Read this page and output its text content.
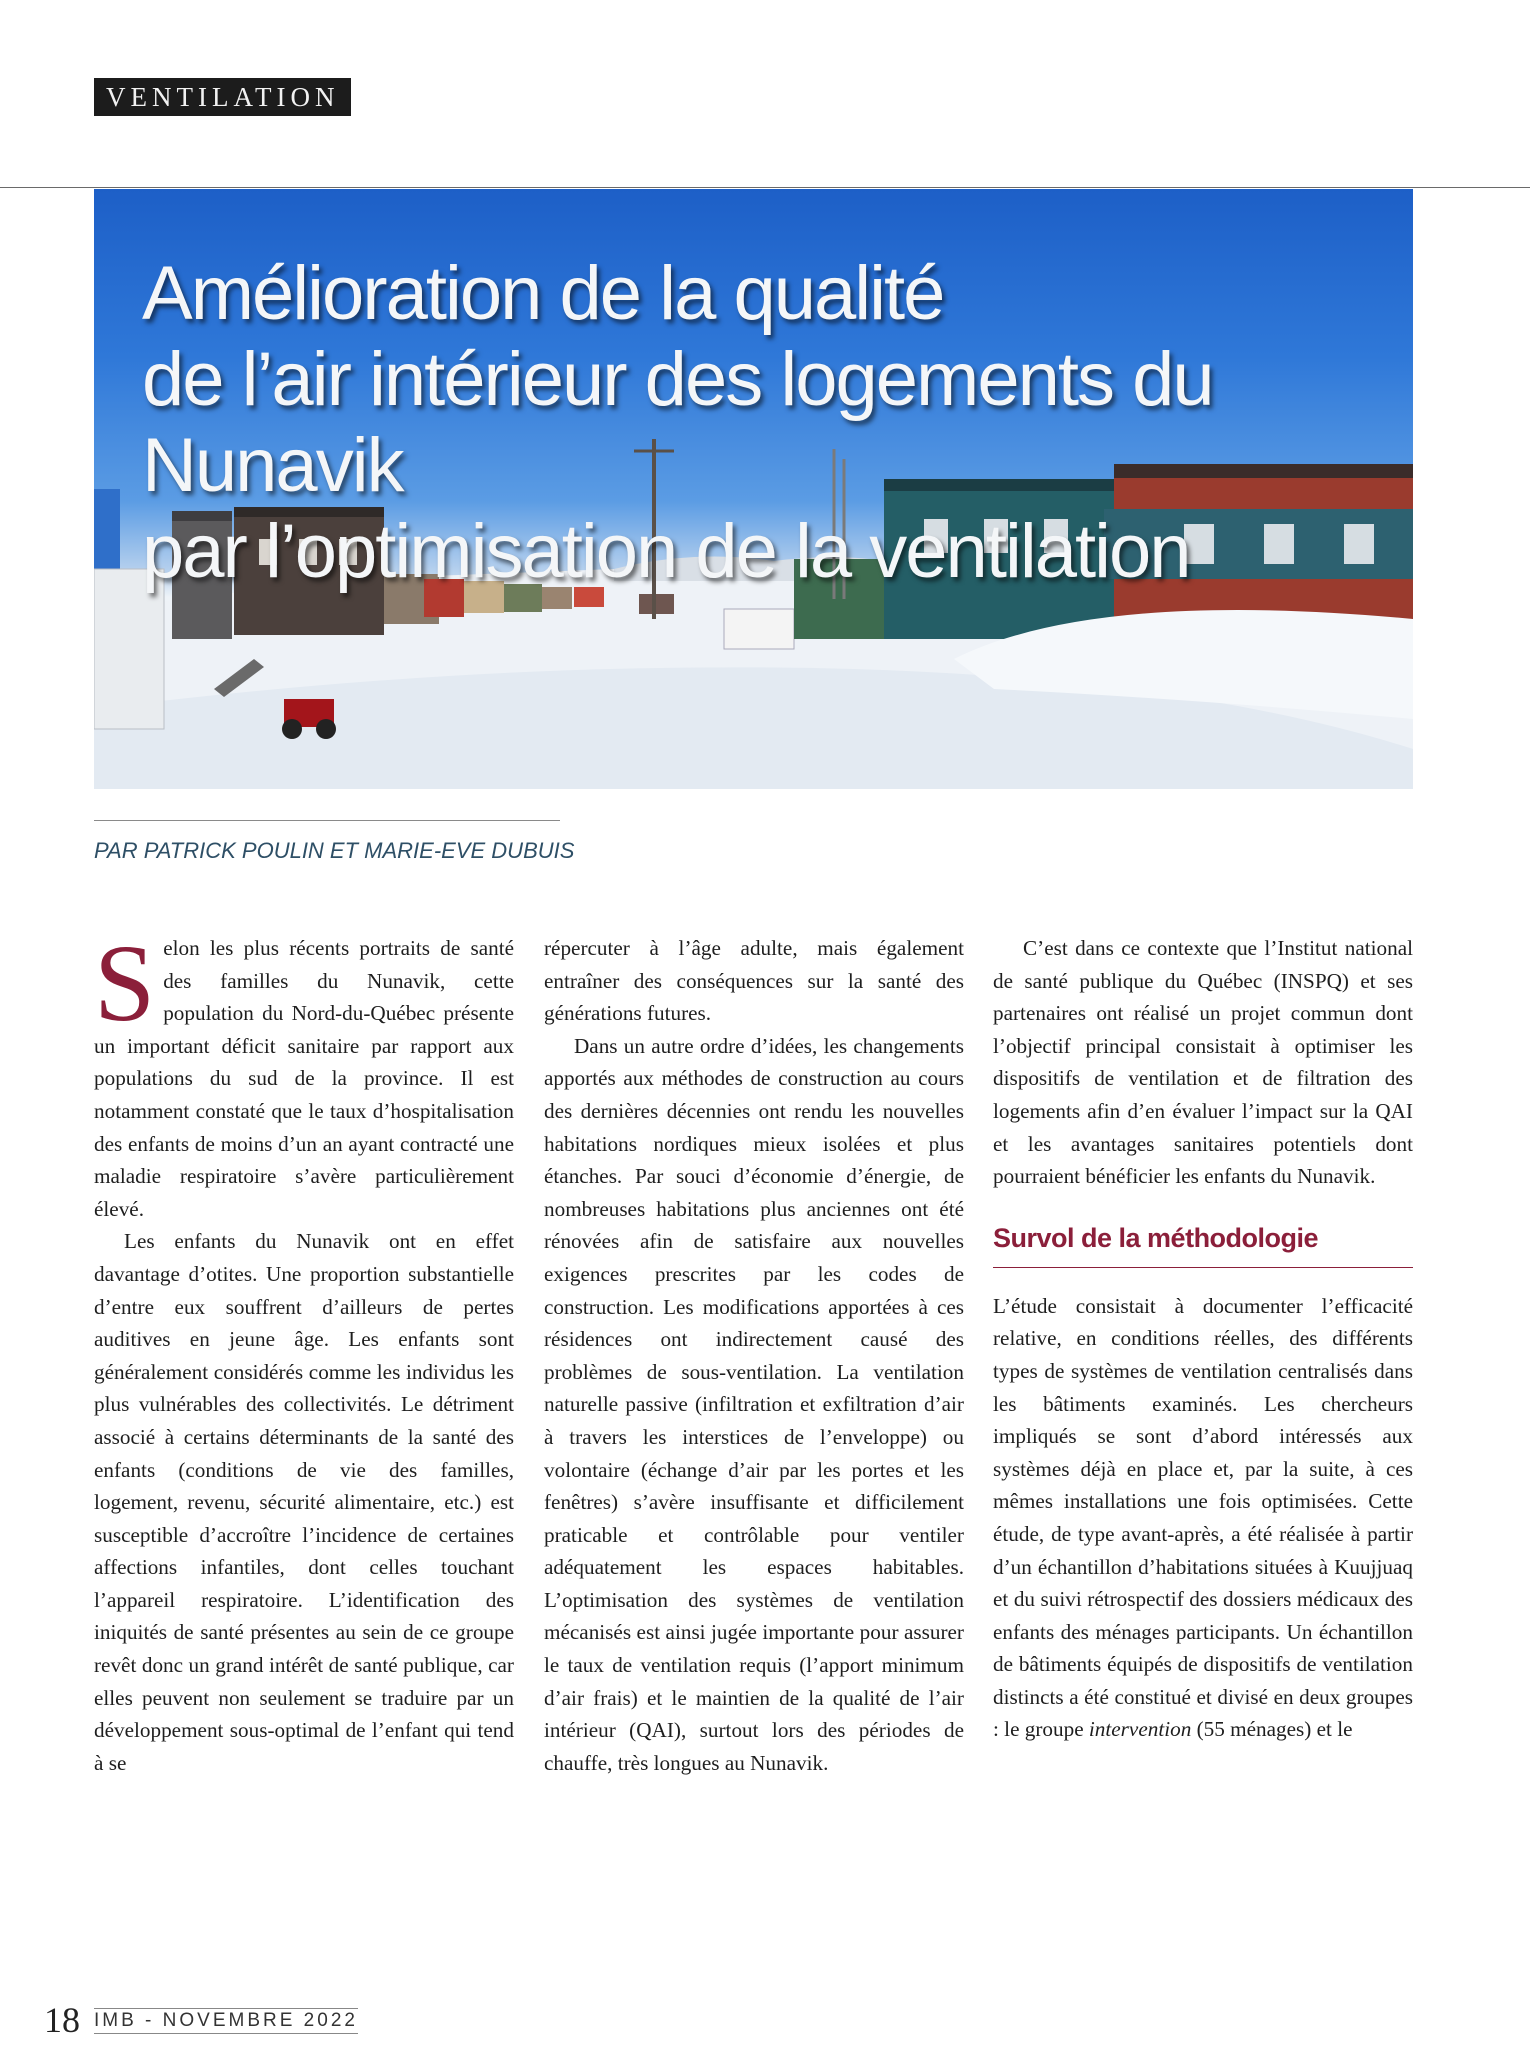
VENTILATION
Amélioration de la qualité
de l’air intérieur des logements du Nunavik
par l’optimisation de la ventilation
PAR PATRICK POULIN ET MARIE-EVE DUBUIS

Selon les plus récents portraits de santé des familles du Nunavik, cette population du Nord-du-Québec présente un important déficit sanitaire par rapport aux populations du sud de la province. Il est notamment constaté que le taux d’hospitalisation des enfants de moins d’un an ayant contracté une maladie respiratoire s’avère particulièrement élevé.

Les enfants du Nunavik ont en effet davantage d’otites. Une proportion substantielle d’entre eux souffrent d’ailleurs de pertes auditives en jeune âge. Les enfants sont généralement considérés comme les individus les plus vulnérables des collectivités. Le détriment associé à certains déterminants de la santé des enfants (conditions de vie des familles, logement, revenu, sécurité alimentaire, etc.) est susceptible d’accroître l’incidence de certaines affections infantiles, dont celles touchant l’appareil respiratoire. L’identification des iniquités de santé présentes au sein de ce groupe revêt donc un grand intérêt de santé publique, car elles peuvent non seulement se traduire par un développement sous-optimal de l’enfant qui tend à se

répercuter à l’âge adulte, mais également entraîner des conséquences sur la santé des générations futures.

Dans un autre ordre d’idées, les changements apportés aux méthodes de construction au cours des dernières décennies ont rendu les nouvelles habitations nordiques mieux isolées et plus étanches. Par souci d’économie d’énergie, de nombreuses habitations plus anciennes ont été rénovées afin de satisfaire aux nouvelles exigences prescrites par les codes de construction. Les modifications apportées à ces résidences ont indirectement causé des problèmes de sous-ventilation. La ventilation naturelle passive (infiltration et exfiltration d’air à travers les interstices de l’enveloppe) ou volontaire (échange d’air par les portes et les fenêtres) s’avère insuffisante et difficilement praticable et contrôlable pour ventiler adéquatement les espaces habitables. L’optimisation des systèmes de ventilation mécanisés est ainsi jugée importante pour assurer le taux de ventilation requis (l’apport minimum d’air frais) et le maintien de la qualité de l’air intérieur (QAI), surtout lors des périodes de chauffe, très longues au Nunavik.

C’est dans ce contexte que l’Institut national de santé publique du Québec (INSPQ) et ses partenaires ont réalisé un projet commun dont l’objectif principal consistait à optimiser les dispositifs de ventilation et de filtration des logements afin d’en évaluer l’impact sur la QAI et les avantages sanitaires potentiels dont pourraient bénéficier les enfants du Nunavik.

Survol de la méthodologie

L’étude consistait à documenter l’efficacité relative, en conditions réelles, des différents types de systèmes de ventilation centralisés dans les bâtiments examinés. Les chercheurs impliqués se sont d’abord intéressés aux systèmes déjà en place et, par la suite, à ces mêmes installations une fois optimisées. Cette étude, de type avant-après, a été réalisée à partir d’un échantillon d’habitations situées à Kuujjuaq et du suivi rétrospectif des dossiers médicaux des enfants des ménages participants. Un échantillon de bâtiments équipés de dispositifs de ventilation distincts a été constitué et divisé en deux groupes : le groupe intervention (55 ménages) et le

18 IMB - NOVEMBRE 2022
